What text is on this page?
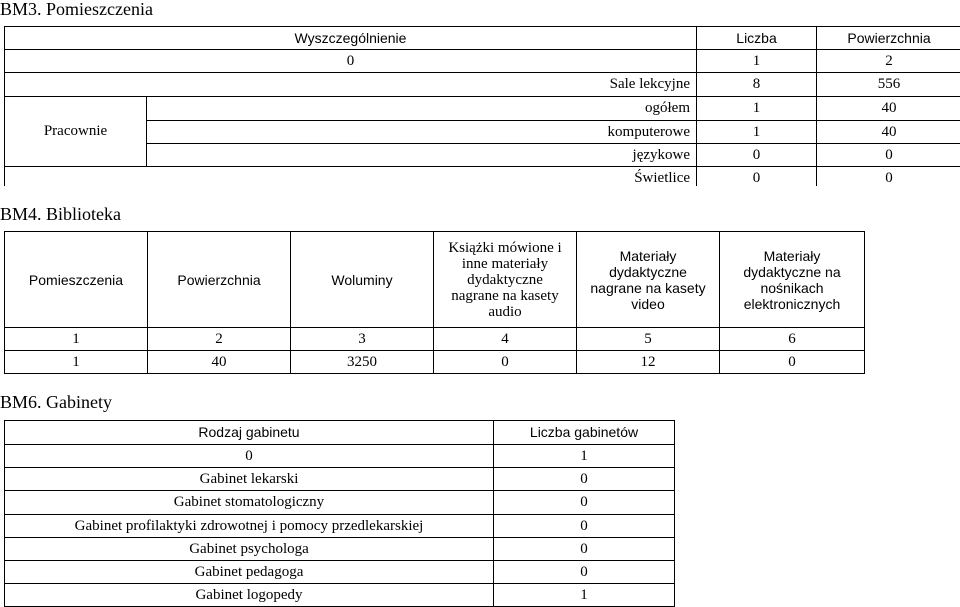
BM3. Pomieszczenia
Wyszczególnienie		Liczba	Powierzchnia
0		1	2
Sale lekcyjne		8	556
Pracownie	ogółem	1	40
	komputerowe	1	40
	językowe	0	0
Świetlice		0	0
BM4. Biblioteka
Pomieszczenia	Powierzchnia	Woluminy	Książki mówione i inne materiały dydaktyczne nagrane na kasety audio	Materiały dydaktyczne nagrane na kasety video	Materiały dydaktyczne na nośnikach elektronicznych
1	2	3	4	5	6
1	40	3250	0	12	0
BM6. Gabinety
Rodzaj gabinetu	Liczba gabinetów
0	1
Gabinet lekarski	0
Gabinet stomatologiczny	0
Gabinet profilaktyki zdrowotnej i pomocy przedlekarskiej	0
Gabinet psychologa	0
Gabinet pedagoga	0
Gabinet logopedy	1
